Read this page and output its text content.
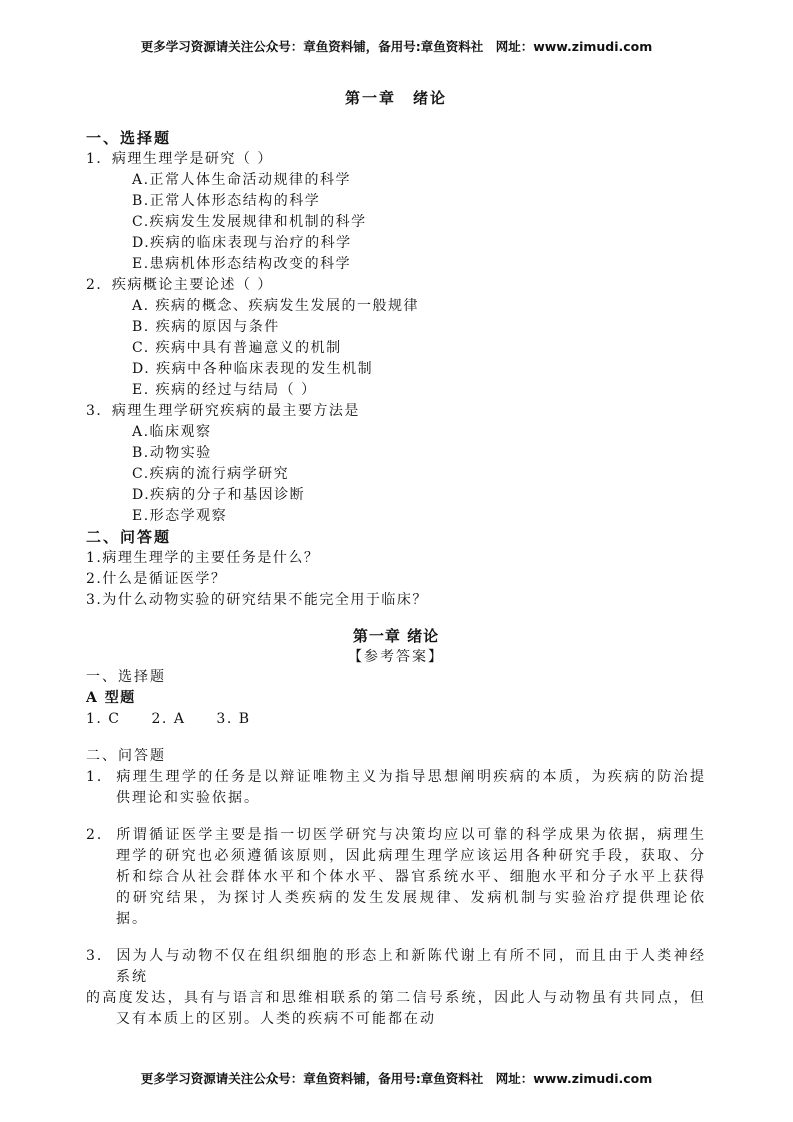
更多学习资源请关注公众号：章鱼资料铺，备用号:章鱼资料社　网址：www.zimudi.com
第一章　绪论
一、选择题
1．病理生理学是研究（ ）
A.正常人体生命活动规律的科学
B.正常人体形态结构的科学
C.疾病发生发展规律和机制的科学
D.疾病的临床表现与治疗的科学
E.患病机体形态结构改变的科学
2．疾病概论主要论述（ ）
A. 疾病的概念、疾病发生发展的一般规律
B. 疾病的原因与条件
C. 疾病中具有普遍意义的机制
D. 疾病中各种临床表现的发生机制
E. 疾病的经过与结局（ ）
3．病理生理学研究疾病的最主要方法是
A.临床观察
B.动物实验
C.疾病的流行病学研究
D.疾病的分子和基因诊断
E.形态学观察
二、问答题
1.病理生理学的主要任务是什么？
2.什么是循证医学？
3.为什么动物实验的研究结果不能完全用于临床？
第一章 绪论
【参考答案】
一、选择题
A 型题
1. C　　2. A　　3. B
二、问答题
1． 病理生理学的任务是以辩证唯物主义为指导思想阐明疾病的本质，为疾病的防治提供理论和实验依据。
2． 所谓循证医学主要是指一切医学研究与决策均应以可靠的科学成果为依据，病理生理学的研究也必须遵循该原则，因此病理生理学应该运用各种研究手段，获取、分析和综合从社会群体水平和个体水平、器官系统水平、细胞水平和分子水平上获得的研究结果，为探讨人类疾病的发生发展规律、发病机制与实验治疗提供理论依据。
3． 因为人与动物不仅在组织细胞的形态上和新陈代谢上有所不同，而且由于人类神经系统
的高度发达，具有与语言和思维相联系的第二信号系统，因此人与动物虽有共同点，但又有本质上的区别。人类的疾病不可能都在动
更多学习资源请关注公众号：章鱼资料铺，备用号:章鱼资料社　网址：www.zimudi.com
